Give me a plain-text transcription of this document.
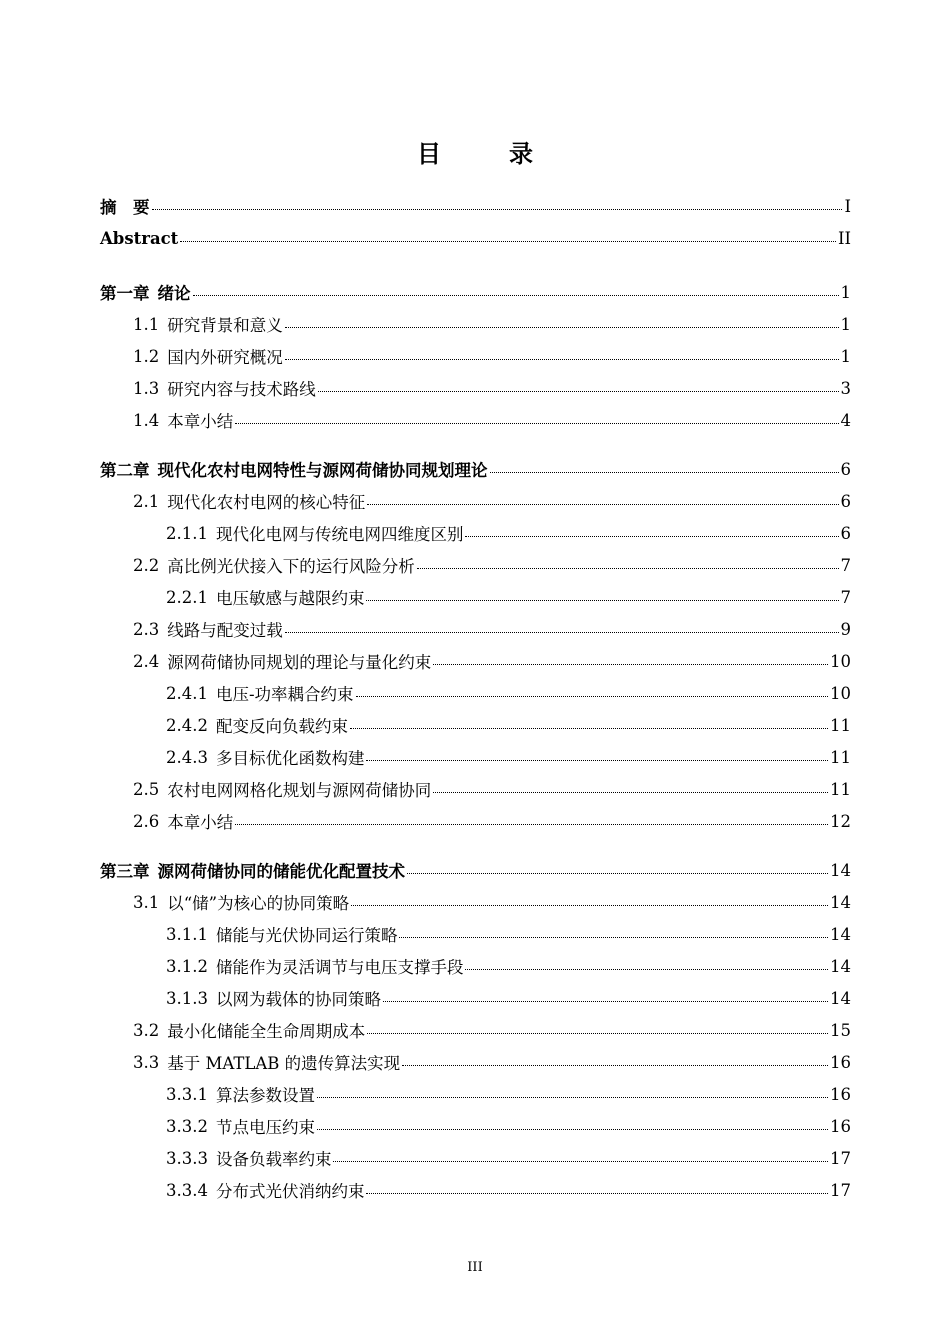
目　录
摘　要	I
Abstract	II
第一章 绪论	1
1.1 研究背景和意义	1
1.2 国内外研究概况	1
1.3 研究内容与技术路线	3
1.4 本章小结	4
第二章 现代化农村电网特性与源网荷储协同规划理论	6
2.1 现代化农村电网的核心特征	6
2.1.1 现代化电网与传统电网四维度区别	6
2.2 高比例光伏接入下的运行风险分析	7
2.2.1 电压敏感与越限约束	7
2.3 线路与配变过载	9
2.4 源网荷储协同规划的理论与量化约束	10
2.4.1 电压-功率耦合约束	10
2.4.2 配变反向负载约束	11
2.4.3 多目标优化函数构建	11
2.5 农村电网网格化规划与源网荷储协同	11
2.6 本章小结	12
第三章 源网荷储协同的储能优化配置技术	14
3.1 以“储”为核心的协同策略	14
3.1.1 储能与光伏协同运行策略	14
3.1.2 储能作为灵活调节与电压支撑手段	14
3.1.3 以网为载体的协同策略	14
3.2 最小化储能全生命周期成本	15
3.3 基于 MATLAB 的遗传算法实现	16
3.3.1 算法参数设置	16
3.3.2 节点电压约束	16
3.3.3 设备负载率约束	17
3.3.4 分布式光伏消纳约束	17
III
